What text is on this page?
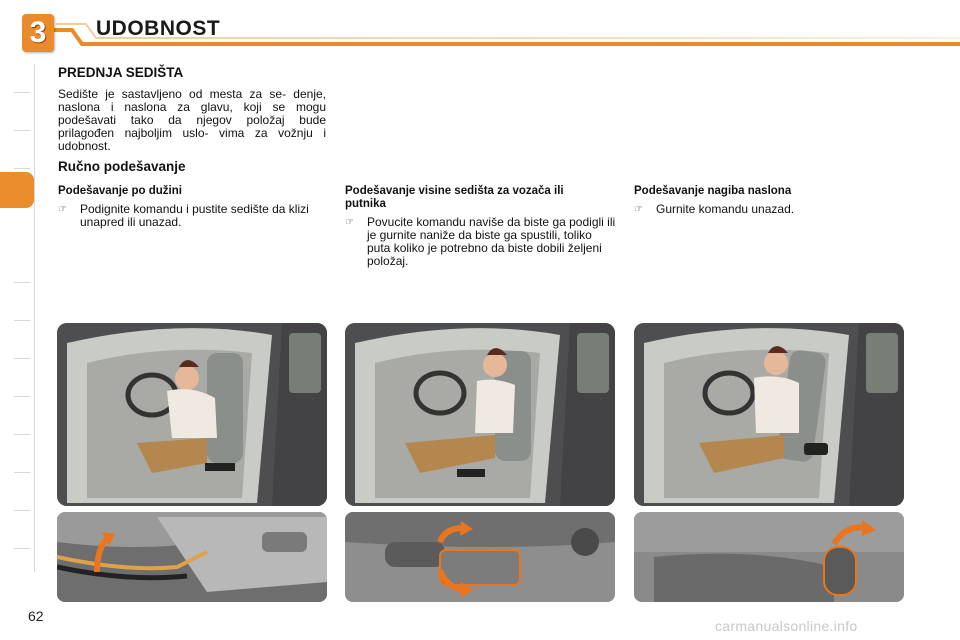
3	UDOBNOST
PREDNJA SEDIŠTA
Sedište je sastavljeno od mesta za se- denje, naslona i naslona za glavu, koji se mogu podešavati tako da njegov položaj bude prilagođen najboljim uslo- vima za vožnju i udobnost.
Ručno podešavanje
Podešavanje po dužini
☞ Podignite komandu i pustite sedište da klizi unapred ili unazad.
Podešavanje visine sedišta za vozača ili putnika
☞ Povucite komandu naviše da biste ga podigli ili je gurnite naniže da biste ga spustili, toliko puta koliko je potrebno da biste dobili željeni položaj.
Podešavanje nagiba naslona
☞ Gurnite komandu unazad.
62
carmanualsonline.info
